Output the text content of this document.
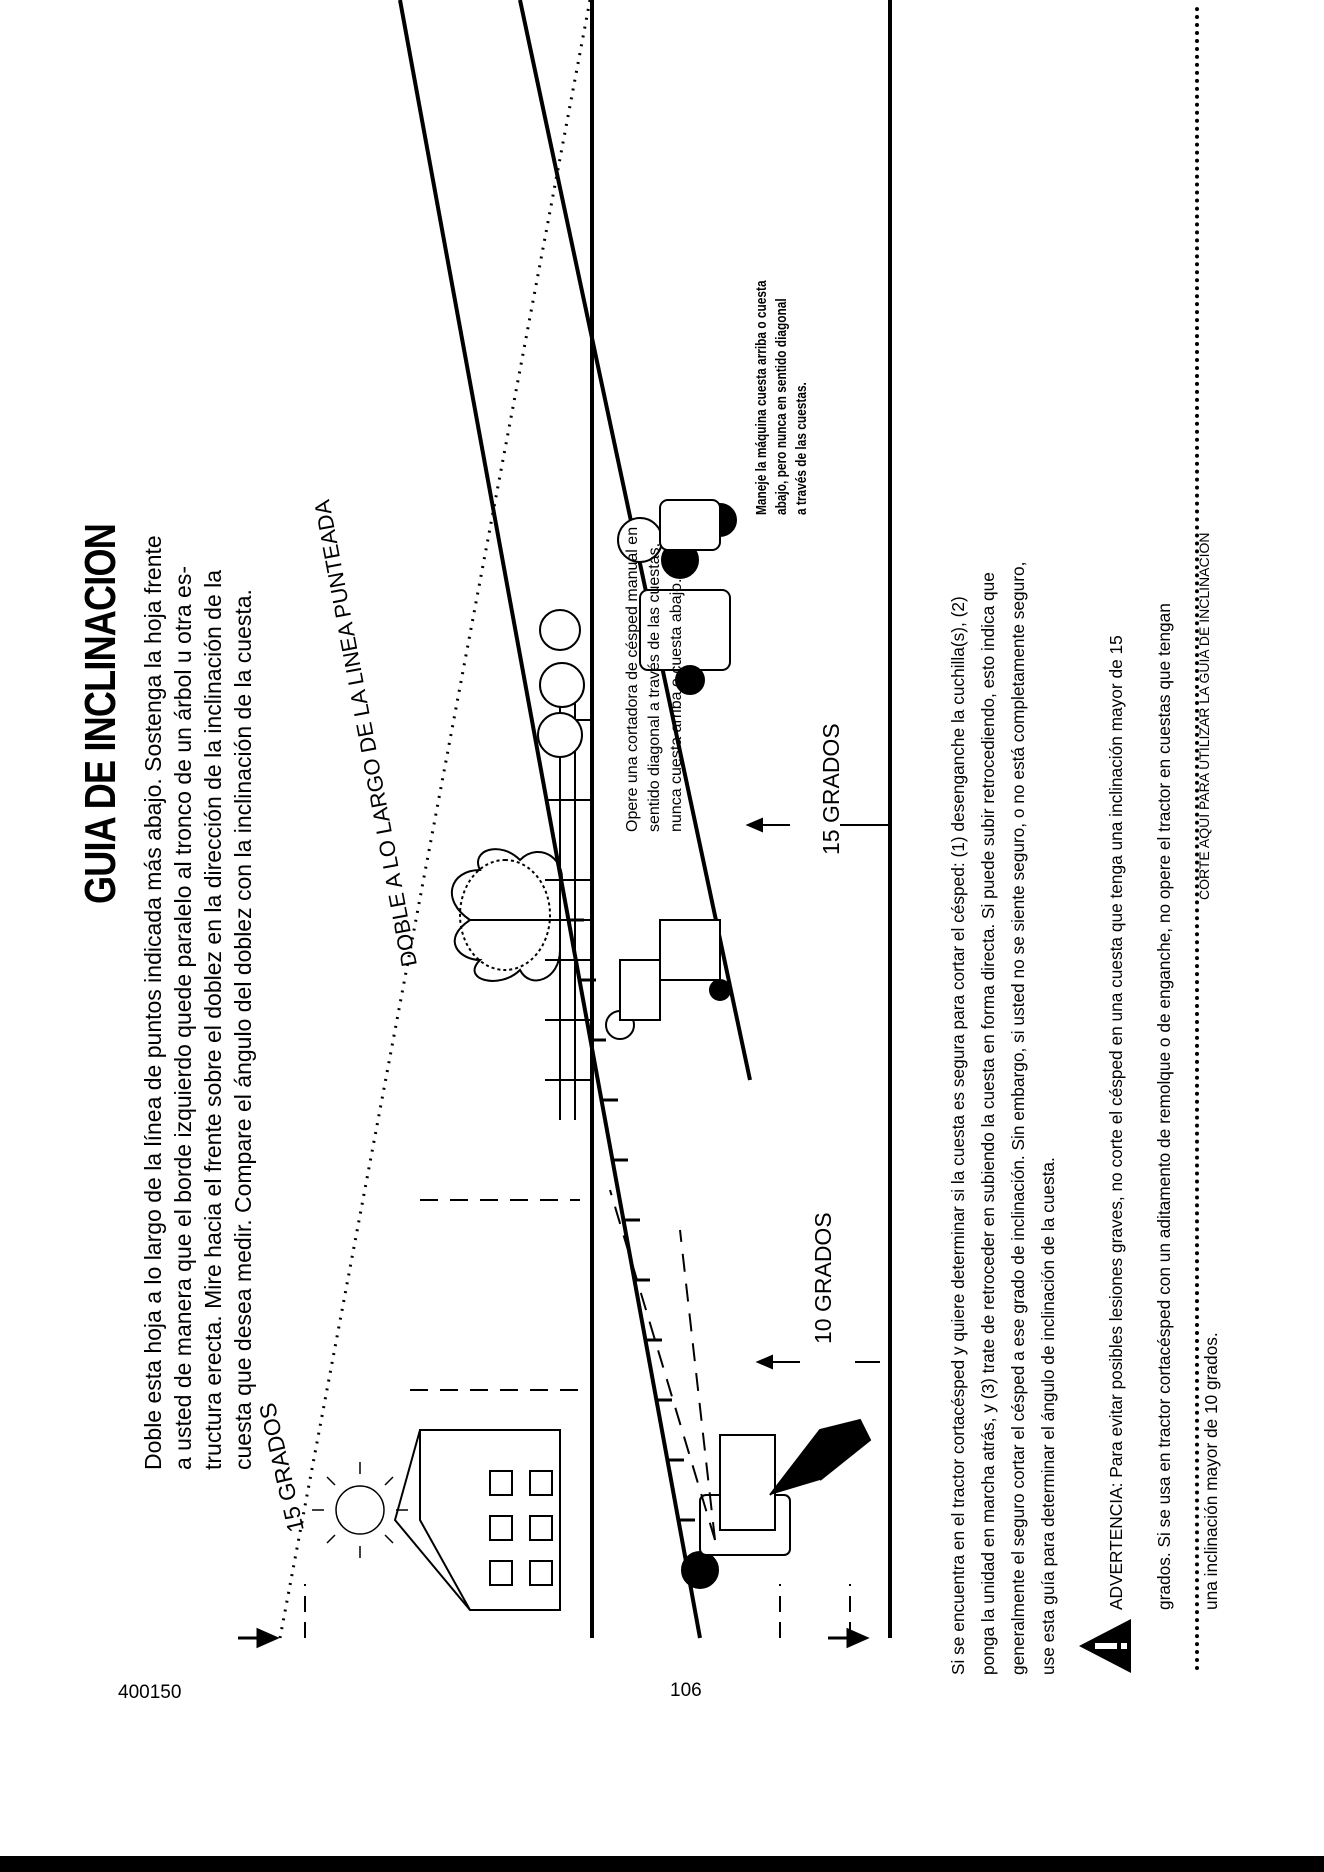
GUIA DE INCLINACION Doble esta hoja a lo largo de la línea de puntos indicada más abajo. Sostenga la hoja frente a usted de manera que el borde izquierdo quede paralelo al tronco de un árbol u otra es- tructura erecta. Mire hacia el frente sobre el doblez en la dirección de la inclinación de la cuesta que desea medir. Compare el ángulo del doblez con la inclinación de la cuesta. DOBLE A LO LARGO DE LA LINEA PUNTEADA
15 GRADOS
10 GRADOS
15 GRADOS
Opere una cortadora de césped manual en sentido diagonal a través de las cuestas, nunca cuesta arriba o cuesta abajo.
Maneje la máquina cuesta arriba o cuesta abajo, pero nunca en sentido diagonal a través de las cuestas.

Si se encuentra en el tractor cortacésped y quiere determinar si la cuesta es segura para cortar el césped: (1) desenganche la cuchilla(s), (2) ponga la unidad en marcha atrás, y (3) trate de retroceder en subiendo la cuesta en forma directa. Si puede subir retrocediendo, esto indica que generalmente el seguro cortar el césped a ese grado de inclinación. Sin embargo, si usted no se siente seguro, o no está completamente seguro, use esta guía para determinar el ángulo de inclinación de la cuesta.	ADVERTENCIA: Para evitar posibles lesiones graves, no corte el césped en una cuesta que tenga una inclinación mayor de 15 grados. Si se usa en tractor cortacésped con un aditamento de remolque o de enganche, no opere el tractor en cuestas que tengan una inclinación mayor de 10 grados.

CORTE AQUI PARA UTILIZAR LA GUIA DE INCLINACION
400150	106
